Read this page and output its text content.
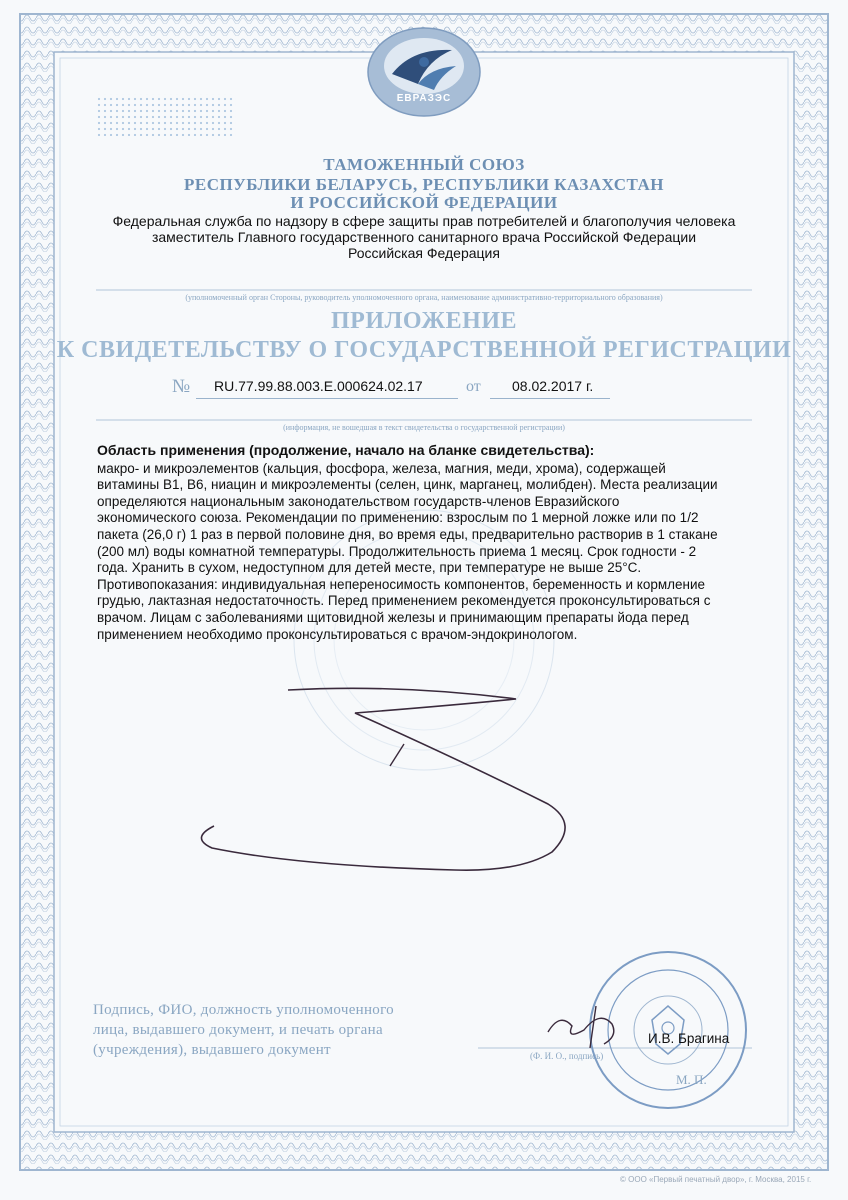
ЕВРАЗЭС
ТАМОЖЕННЫЙ СОЮЗ
РЕСПУБЛИКИ БЕЛАРУСЬ, РЕСПУБЛИКИ КАЗАХСТАН
И РОССИЙСКОЙ ФЕДЕРАЦИИ
Федеральная служба по надзору в сфере защиты прав потребителей и благополучия человека
заместитель Главного государственного санитарного врача Российской Федерации
Российская Федерация
(уполномоченный орган Стороны, руководитель уполномоченного органа, наименование административно-территориального образования)
ПРИЛОЖЕНИЕ
К СВИДЕТЕЛЬСТВУ О ГОСУДАРСТВЕННОЙ РЕГИСТРАЦИИ
№ RU.77.99.88.003.E.000624.02.17	от 08.02.2017 г.
(информация, не вошедшая в текст свидетельства о государственной регистрации)
Область применения (продолжение, начало на бланке свидетельства):
макро- и микроэлементов (кальция, фосфора, железа, магния, меди, хрома), содержащей
витамины В1, В6, ниацин и микроэлементы (селен, цинк, марганец, молибден). Места реализации
определяются национальным законодательством государств-членов Евразийского
экономического союза. Рекомендации по применению: взрослым по 1 мерной ложке или по 1/2
пакета (26,0 г) 1 раз в первой половине дня, во время еды, предварительно растворив в 1 стакане
(200 мл) воды комнатной температуры. Продолжительность приема 1 месяц. Срок годности - 2
года. Хранить в сухом, недоступном для детей месте, при температуре не выше 25°С.
Противопоказания: индивидуальная непереносимость компонентов, беременность и кормление
грудью, лактазная недостаточность. Перед применением рекомендуется проконсультироваться с
врачом. Лицам с заболеваниями щитовидной железы и принимающим препараты йода перед
применением необходимо проконсультироваться с врачом-эндокринологом.
Подпись, ФИО, должность уполномоченного
лица, выдавшего документ, и печать органа
(учреждения), выдавшего документ
И.В. Брагина
(Ф. И. О., подпись)
М. П.
© ООО «Первый печатный двор», г. Москва, 2015 г.
